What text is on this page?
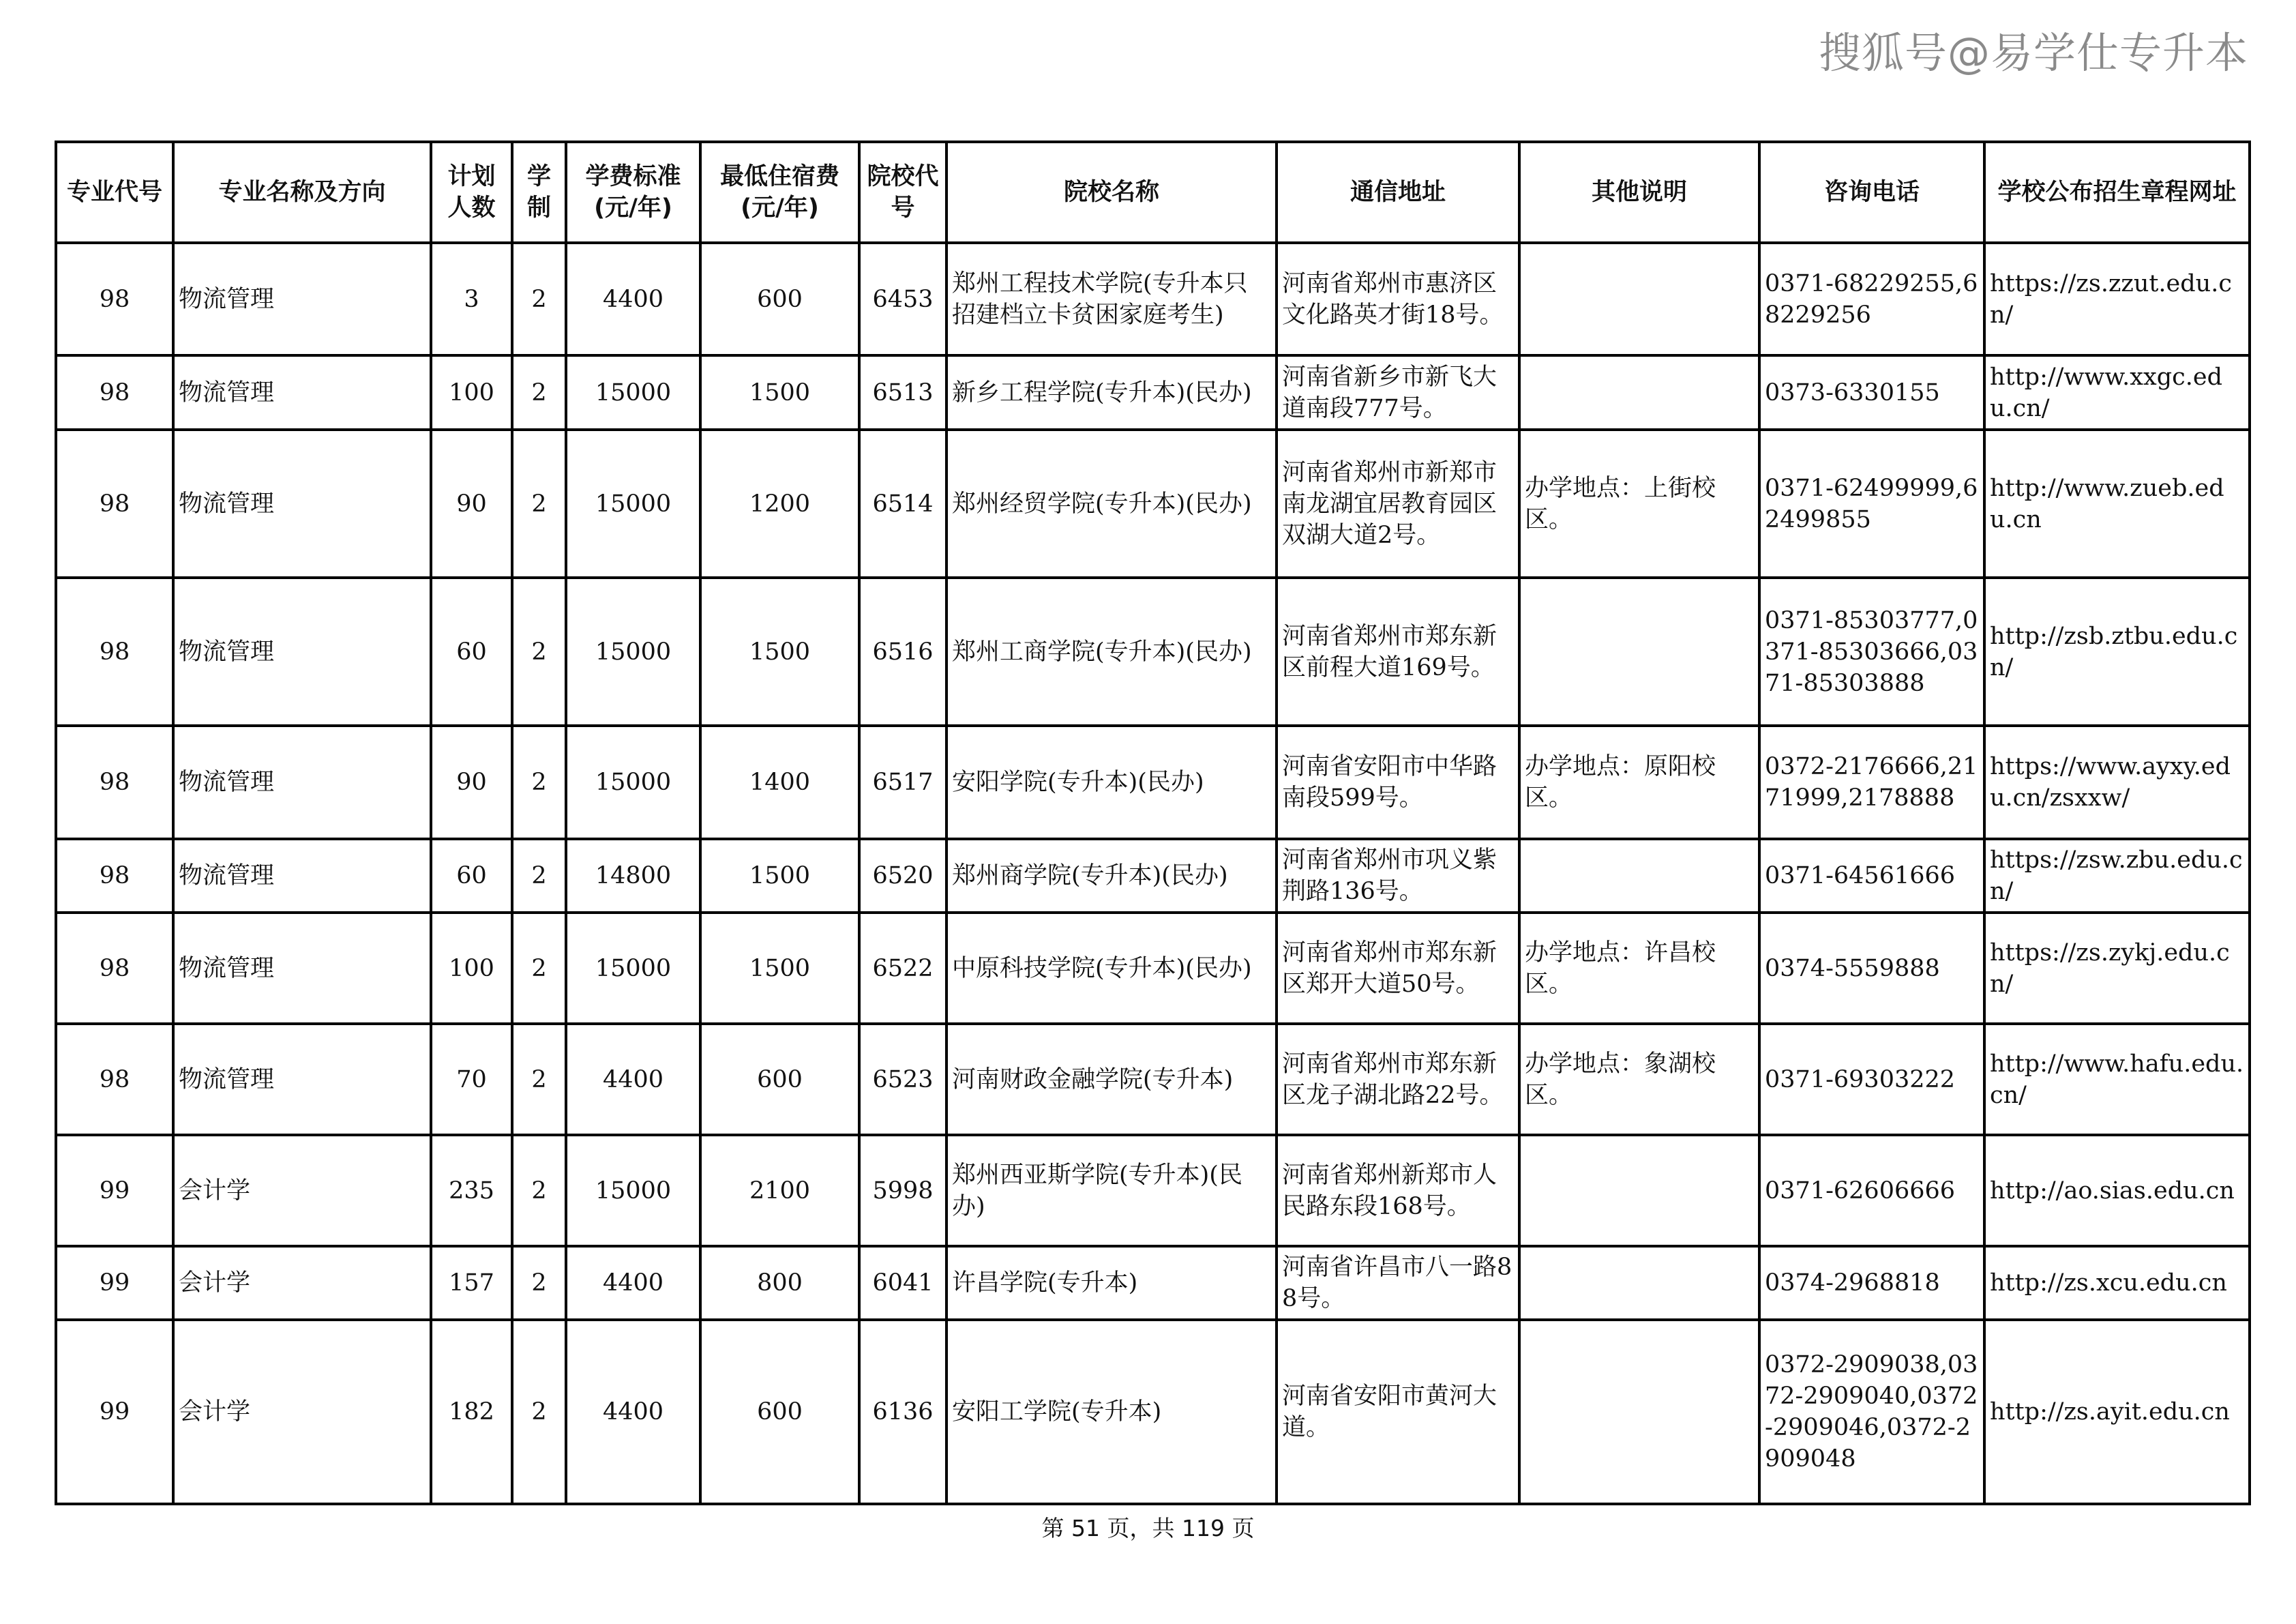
搜狐号@易学仕专升本
专业代号	专业名称及方向	计划人数	学制	学费标准(元/年)	最低住宿费(元/年)	院校代号	院校名称	通信地址	其他说明	咨询电话	学校公布招生章程网址
98	物流管理	3	2	4400	600	6453	郑州工程技术学院(专升本只招建档立卡贫困家庭考生)	河南省郑州市惠济区文化路英才街18号。		0371-68229255,68229256	https://zs.zzut.edu.cn/
98	物流管理	100	2	15000	1500	6513	新乡工程学院(专升本)(民办)	河南省新乡市新飞大道南段777号。		0373-6330155	http://www.xxgc.edu.cn/
98	物流管理	90	2	15000	1200	6514	郑州经贸学院(专升本)(民办)	河南省郑州市新郑市南龙湖宜居教育园区双湖大道2号。	办学地点：上街校区。	0371-62499999,62499855	http://www.zueb.edu.cn
98	物流管理	60	2	15000	1500	6516	郑州工商学院(专升本)(民办)	河南省郑州市郑东新区前程大道169号。		0371-85303777,0371-85303666,0371-85303888	http://zsb.ztbu.edu.cn/
98	物流管理	90	2	15000	1400	6517	安阳学院(专升本)(民办)	河南省安阳市中华路南段599号。	办学地点：原阳校区。	0372-2176666,2171999,2178888	https://www.ayxy.edu.cn/zsxxw/
98	物流管理	60	2	14800	1500	6520	郑州商学院(专升本)(民办)	河南省郑州市巩义紫荆路136号。		0371-64561666	https://zsw.zbu.edu.cn/
98	物流管理	100	2	15000	1500	6522	中原科技学院(专升本)(民办)	河南省郑州市郑东新区郑开大道50号。	办学地点：许昌校区。	0374-5559888	https://zs.zykj.edu.cn/
98	物流管理	70	2	4400	600	6523	河南财政金融学院(专升本)	河南省郑州市郑东新区龙子湖北路22号。	办学地点：象湖校区。	0371-69303222	http://www.hafu.edu.cn/
99	会计学	235	2	15000	2100	5998	郑州西亚斯学院(专升本)(民办)	河南省郑州新郑市人民路东段168号。		0371-62606666	http://ao.sias.edu.cn
99	会计学	157	2	4400	800	6041	许昌学院(专升本)	河南省许昌市八一路88号。		0374-2968818	http://zs.xcu.edu.cn
99	会计学	182	2	4400	600	6136	安阳工学院(专升本)	河南省安阳市黄河大道。		0372-2909038,0372-2909040,0372-2909046,0372-2909048	http://zs.ayit.edu.cn
第 51 页，共 119 页
